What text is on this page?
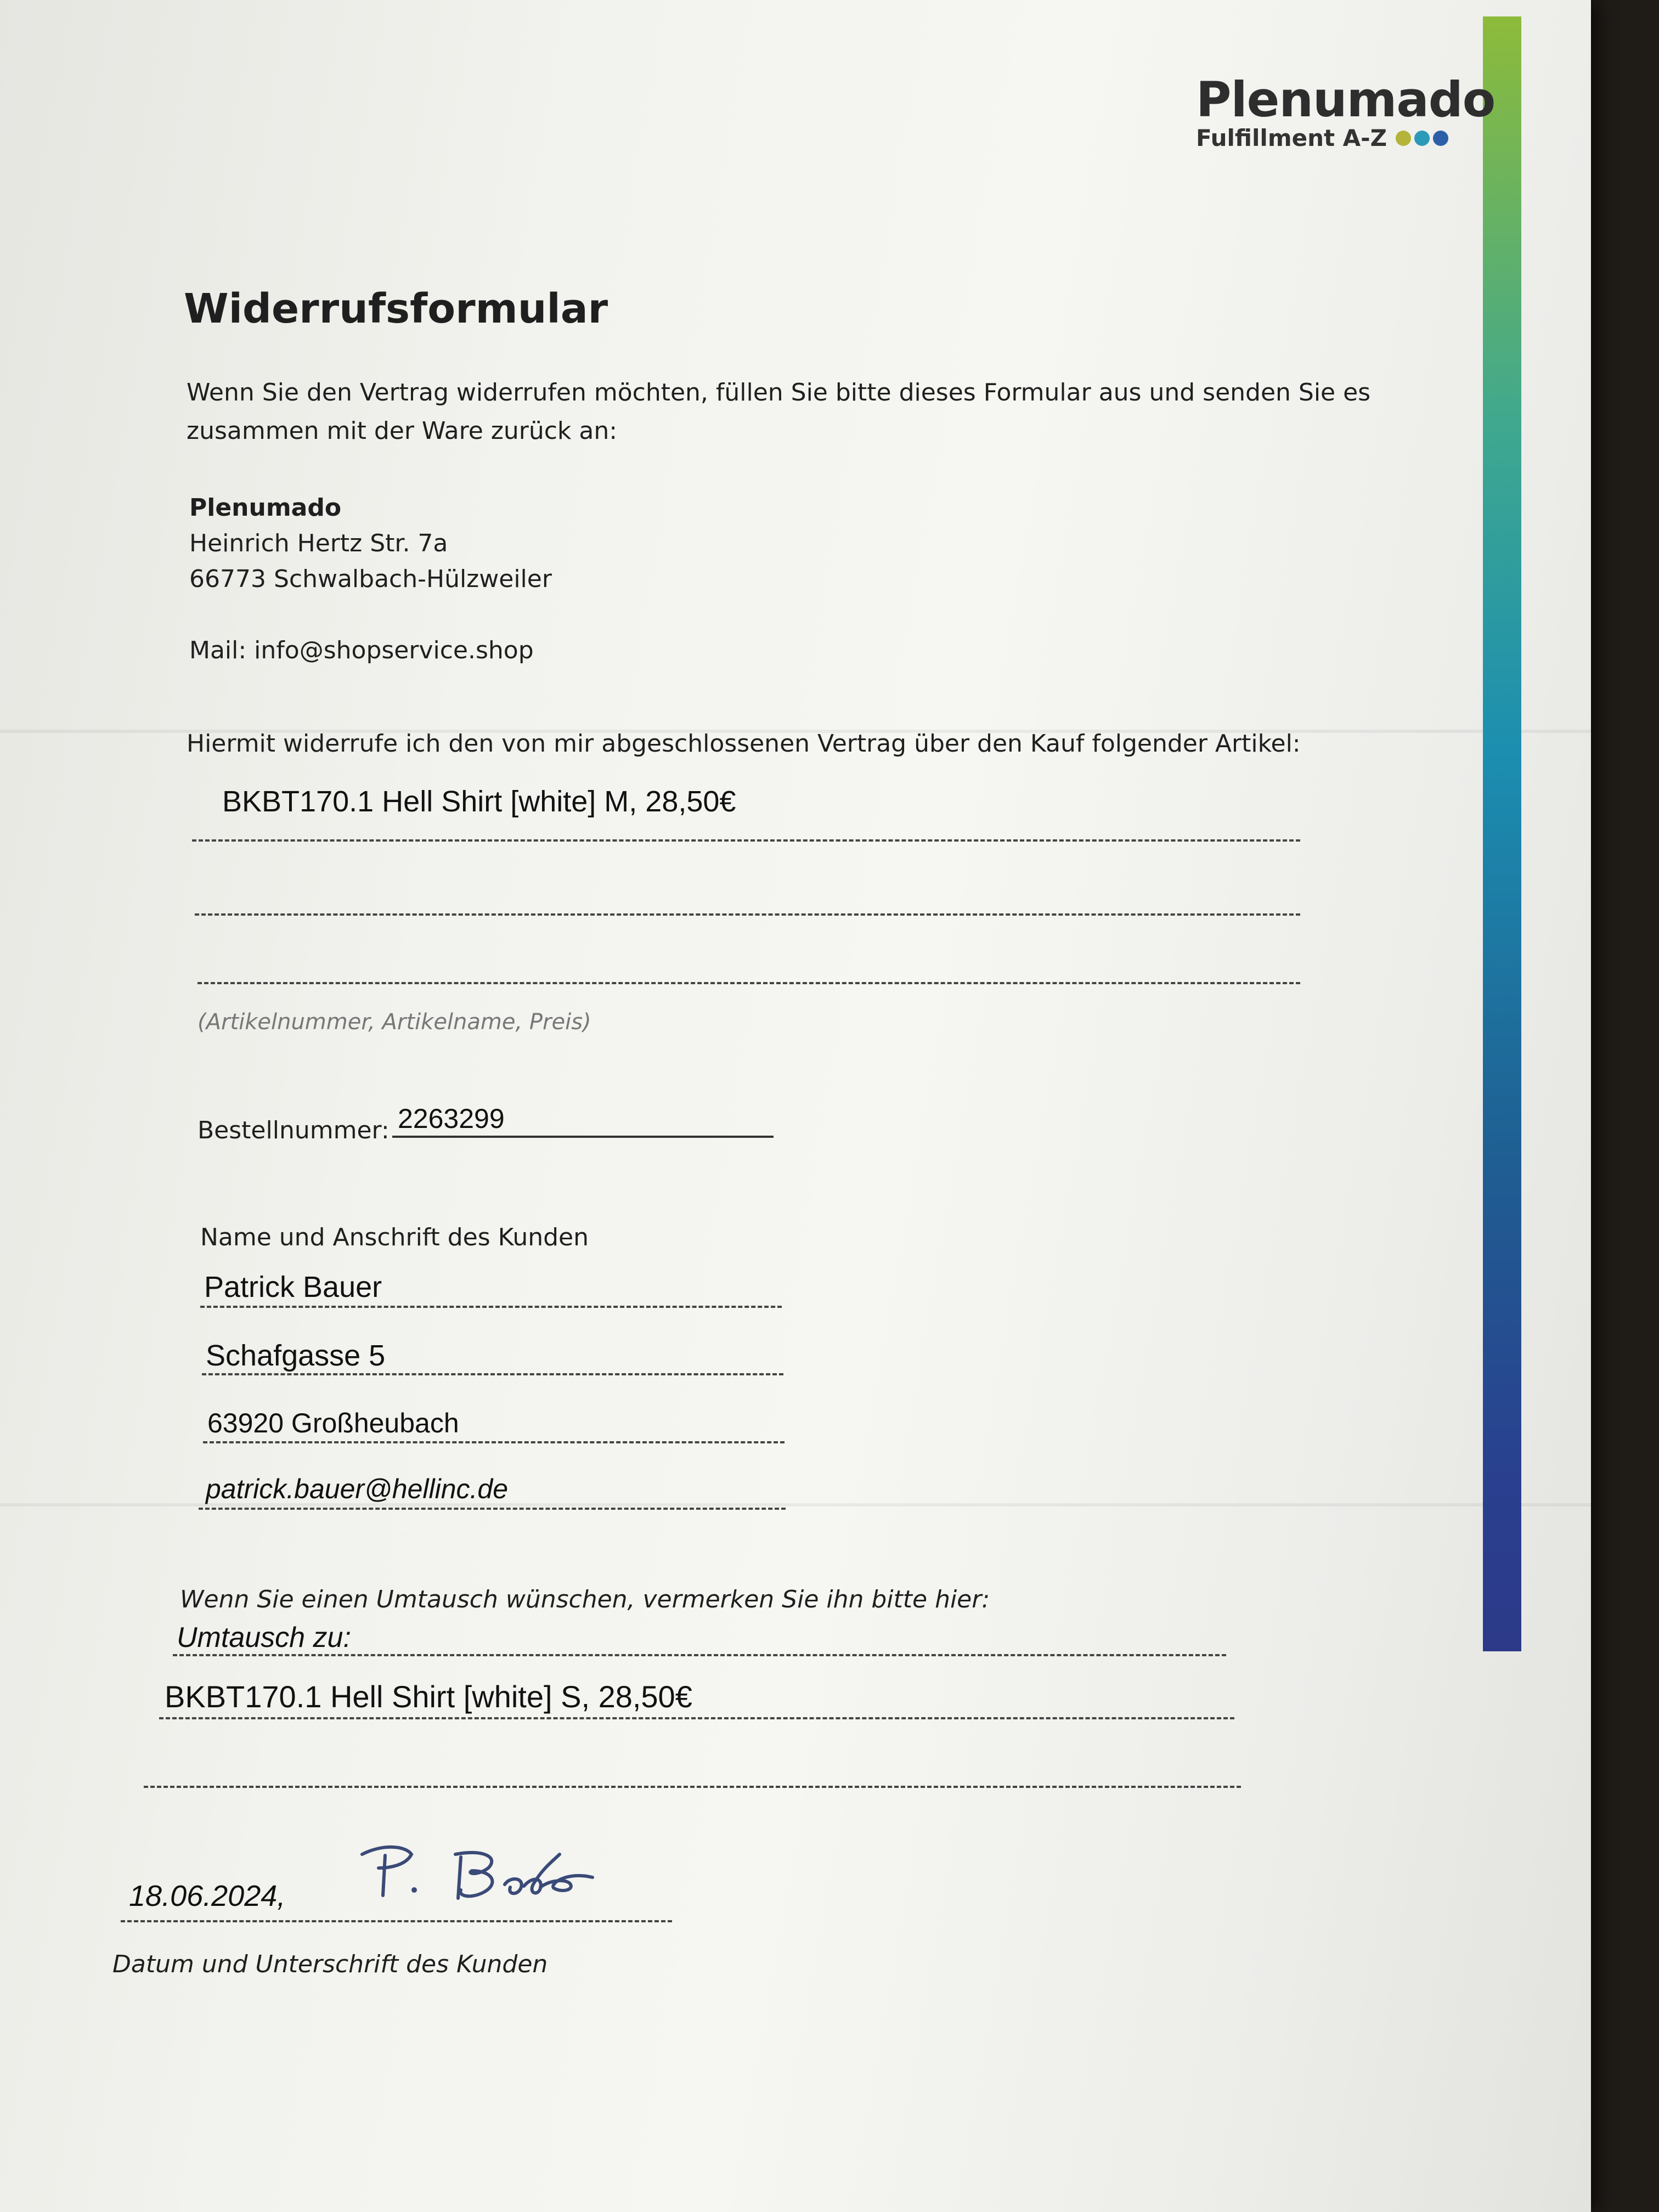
Plenumado
Fulfillment A-Z
Widerrufsformular
Wenn Sie den Vertrag widerrufen möchten, füllen Sie bitte dieses Formular aus und senden Sie es
zusammen mit der Ware zurück an:
Plenumado
Heinrich Hertz Str. 7a
66773 Schwalbach-Hülzweiler
Mail: info@shopservice.shop
Hiermit widerrufe ich den von mir abgeschlossenen Vertrag über den Kauf folgender Artikel:
BKBT170.1 Hell Shirt [white] M, 28,50€
(Artikelnummer, Artikelname, Preis)
Bestellnummer: 2263299
Name und Anschrift des Kunden
Patrick Bauer
Schafgasse 5
63920 Großheubach
patrick.bauer@hellinc.de
Wenn Sie einen Umtausch wünschen, vermerken Sie ihn bitte hier:
Umtausch zu:
BKBT170.1 Hell Shirt [white] S, 28,50€
18.06.2024,
Datum und Unterschrift des Kunden
